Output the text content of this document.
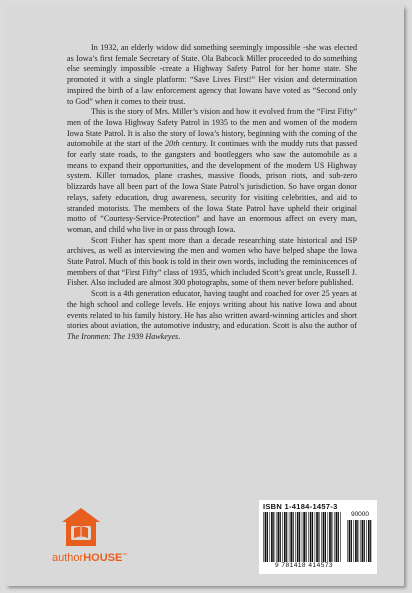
In 1932, an elderly widow did something seemingly impossible -she was elected as Iowa’s first female Secretary of State. Ola Babcock Miller proceeded to do something else seemingly impossible -create a Highway Safety Patrol for her home state. She promoted it with a single platform: “Save Lives First!” Her vision and determination inspired the birth of a law enforcement agency that Iowans have voted as “Second only to God” when it comes to their trust.

This is the story of Mrs. Miller’s vision and how it evolved from the “First Fifty” men of the Iowa Highway Safety Patrol in 1935 to the men and women of the modern Iowa State Patrol. It is also the story of Iowa’s history, beginning with the coming of the automobile at the start of the 20th century. It continues with the muddy ruts that passed for early state roads, to the gangsters and bootleggers who saw the automobile as a means to expand their opportunities, and the development of the modern US Highway system. Killer tornados, plane crashes, massive floods, prison riots, and sub-zero blizzards have all been part of the Iowa State Patrol’s jurisdiction. So have organ donor relays, safety education, drug awareness, security for visiting celebrities, and aid to stranded motorists. The members of the Iowa State Patrol have upheld their original motto of “Courtesy-Service-Protection” and have an enormous affect on every man, woman, and child who live in or pass through Iowa.

Scott Fisher has spent more than a decade researching state historical and ISP archives, as well as interviewing the men and women who have helped shape the Iowa State Patrol. Much of this book is told in their own words, including the reminiscences of members of that “First Fifty” class of 1935, which included Scott’s great uncle, Russell J. Fisher. Also included are almost 300 photographs, some of them never before published.

Scott is a 4th generation educator, having taught and coached for over 25 years at the high school and college levels. He enjoys writing about his native Iowa and about events related to his family history. He has also written award-winning articles and short stories about aviation, the automotive industry, and education. Scott is also the author of The Ironmen: The 1939 Hawkeyes.

authorHOUSE™
ISBN 1-4184-1457-3
90000
9 781418 414573
